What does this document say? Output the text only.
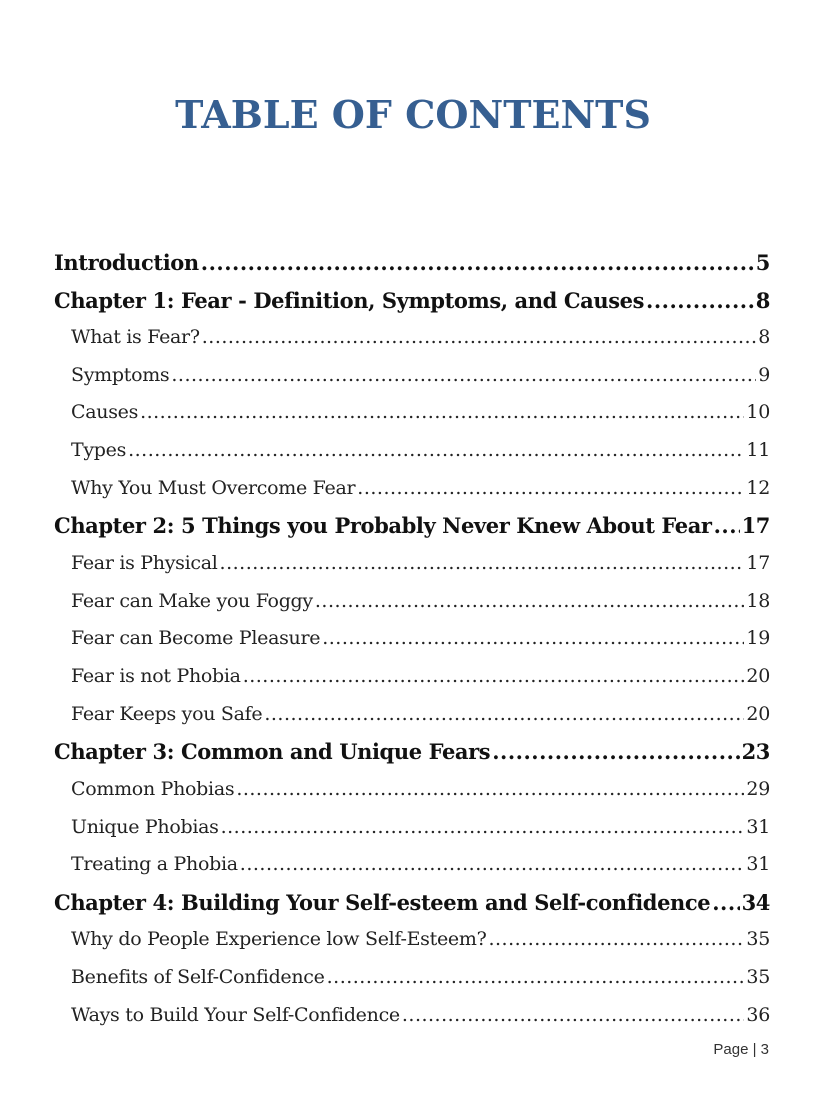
TABLE OF CONTENTS
Introduction .....	5
Chapter 1: Fear - Definition, Symptoms, and Causes .....	8
What is Fear? .....	8
Symptoms .....	9
Causes .....	10
Types .....	11
Why You Must Overcome Fear .....	12
Chapter 2: 5 Things you Probably Never Knew About Fear ..... 17
Fear is Physical .....	17
Fear can Make you Foggy .....	18
Fear can Become Pleasure .....	19
Fear is not Phobia .....	20
Fear Keeps you Safe .....	20
Chapter 3: Common and Unique Fears .....	23
Common Phobias .....	29
Unique Phobias .....	31
Treating a Phobia .....	31
Chapter 4: Building Your Self-esteem and Self-confidence ..... 34
Why do People Experience low Self-Esteem? .....	35
Benefits of Self-Confidence .....	35
Ways to Build Your Self-Confidence .....	36
Page | 3
